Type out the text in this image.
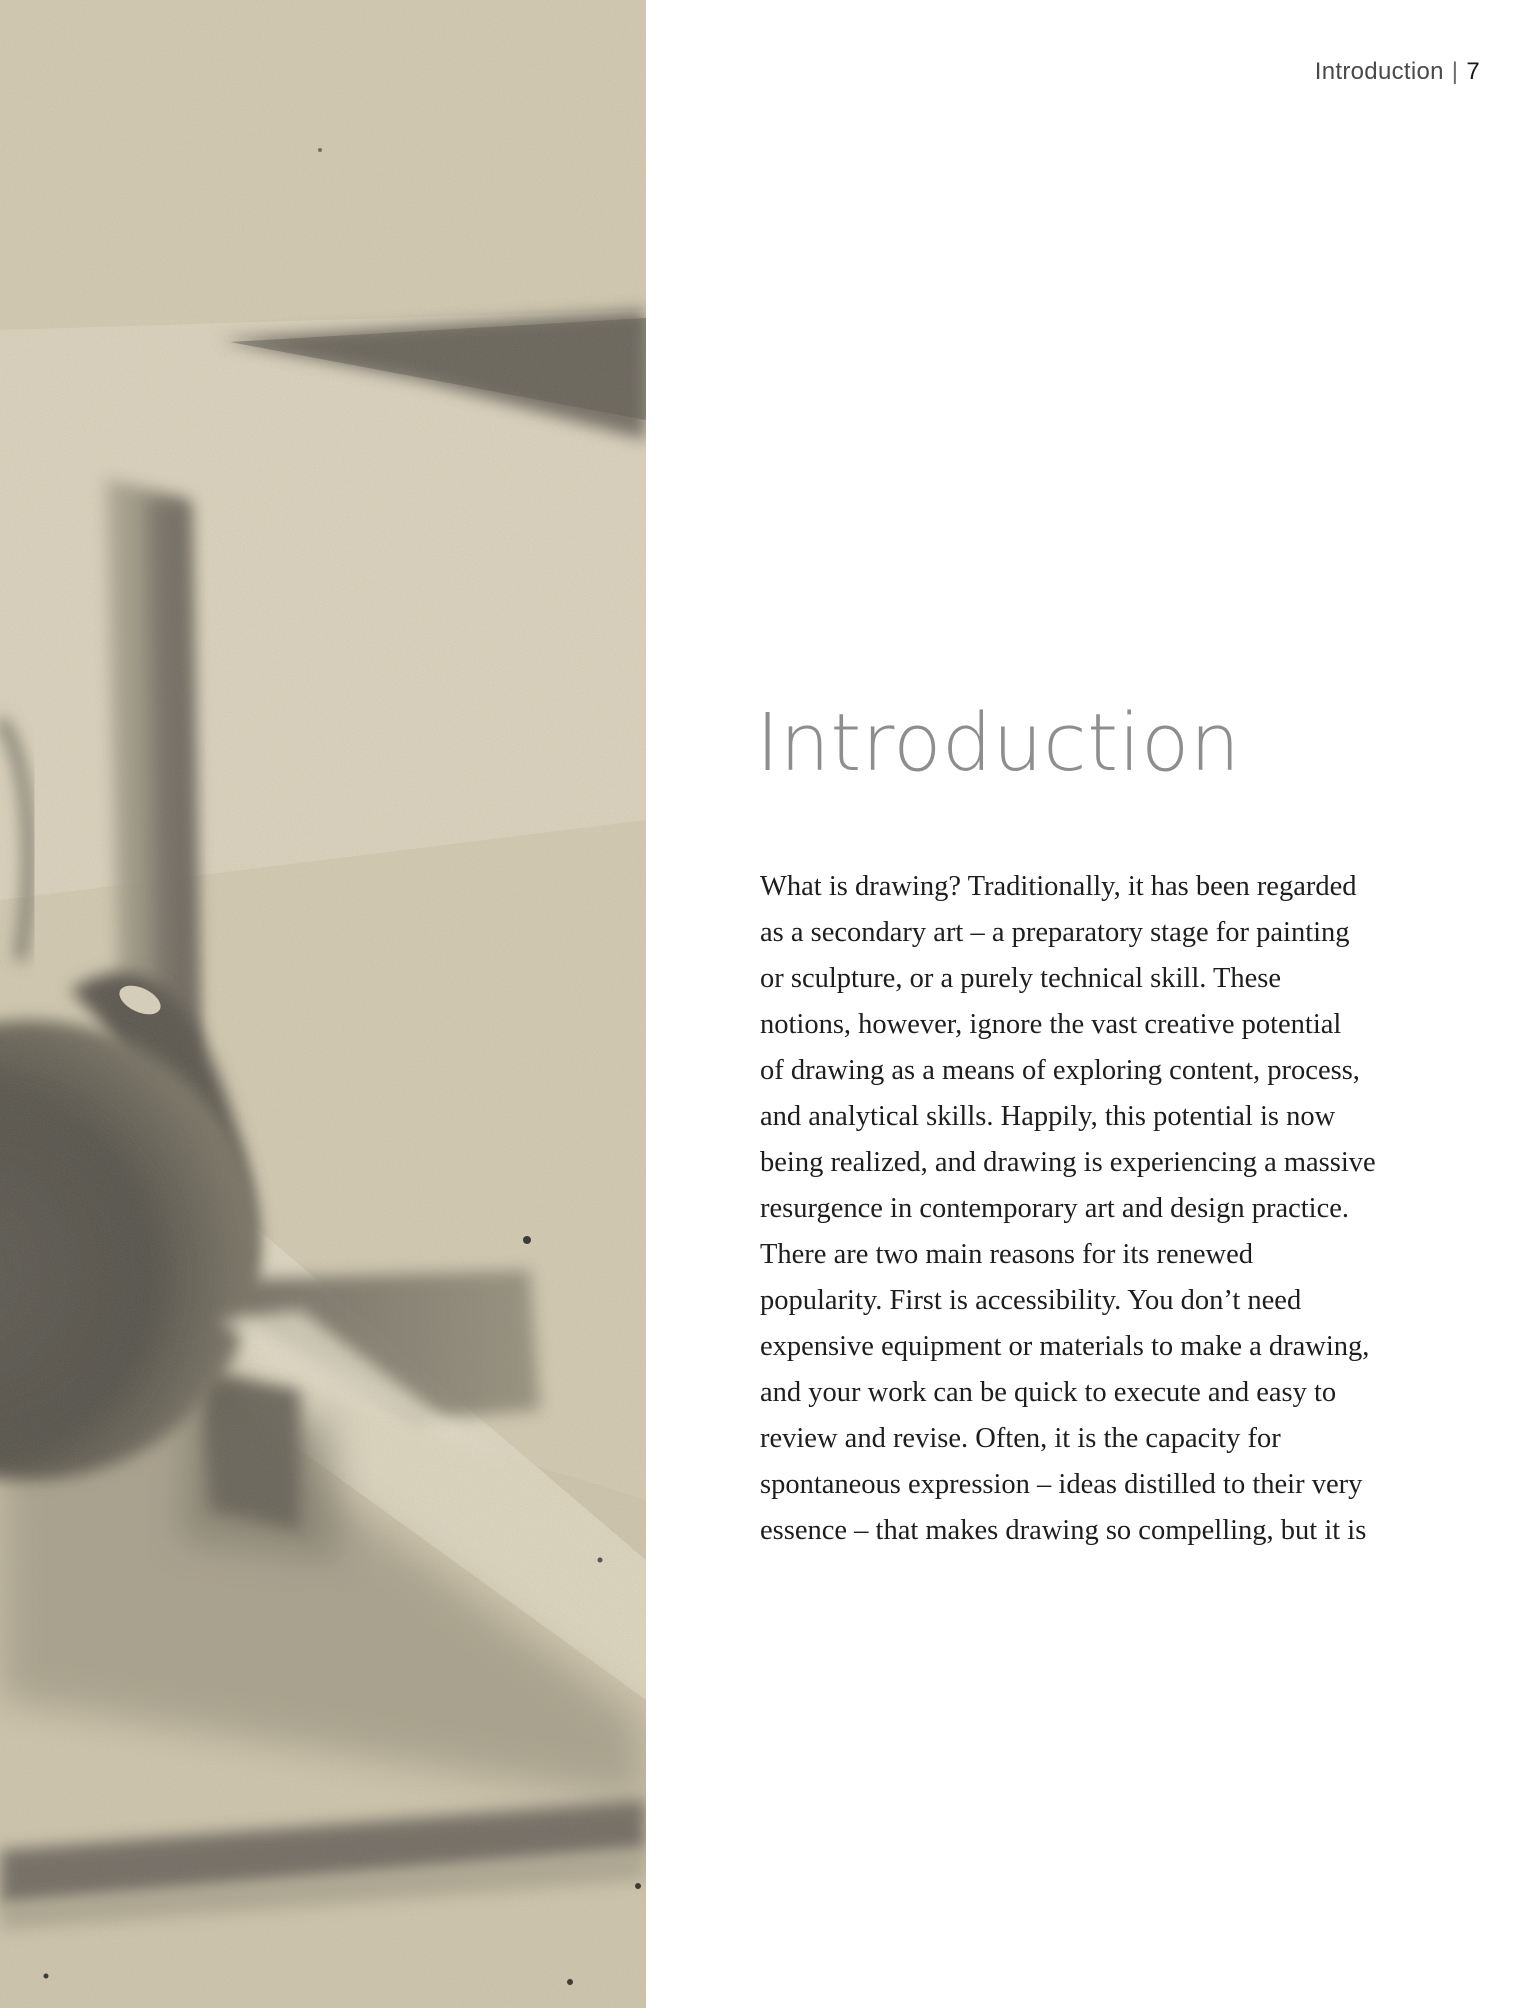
Introduction | 7
Introduction
What is drawing? Traditionally, it has been regarded
as a secondary art – a preparatory stage for painting
or sculpture, or a purely technical skill. These
notions, however, ignore the vast creative potential
of drawing as a means of exploring content, process,
and analytical skills. Happily, this potential is now
being realized, and drawing is experiencing a massive
resurgence in contemporary art and design practice.
There are two main reasons for its renewed
popularity. First is accessibility. You don’t need
expensive equipment or materials to make a drawing,
and your work can be quick to execute and easy to
review and revise. Often, it is the capacity for
spontaneous expression – ideas distilled to their very
essence – that makes drawing so compelling, but it is
